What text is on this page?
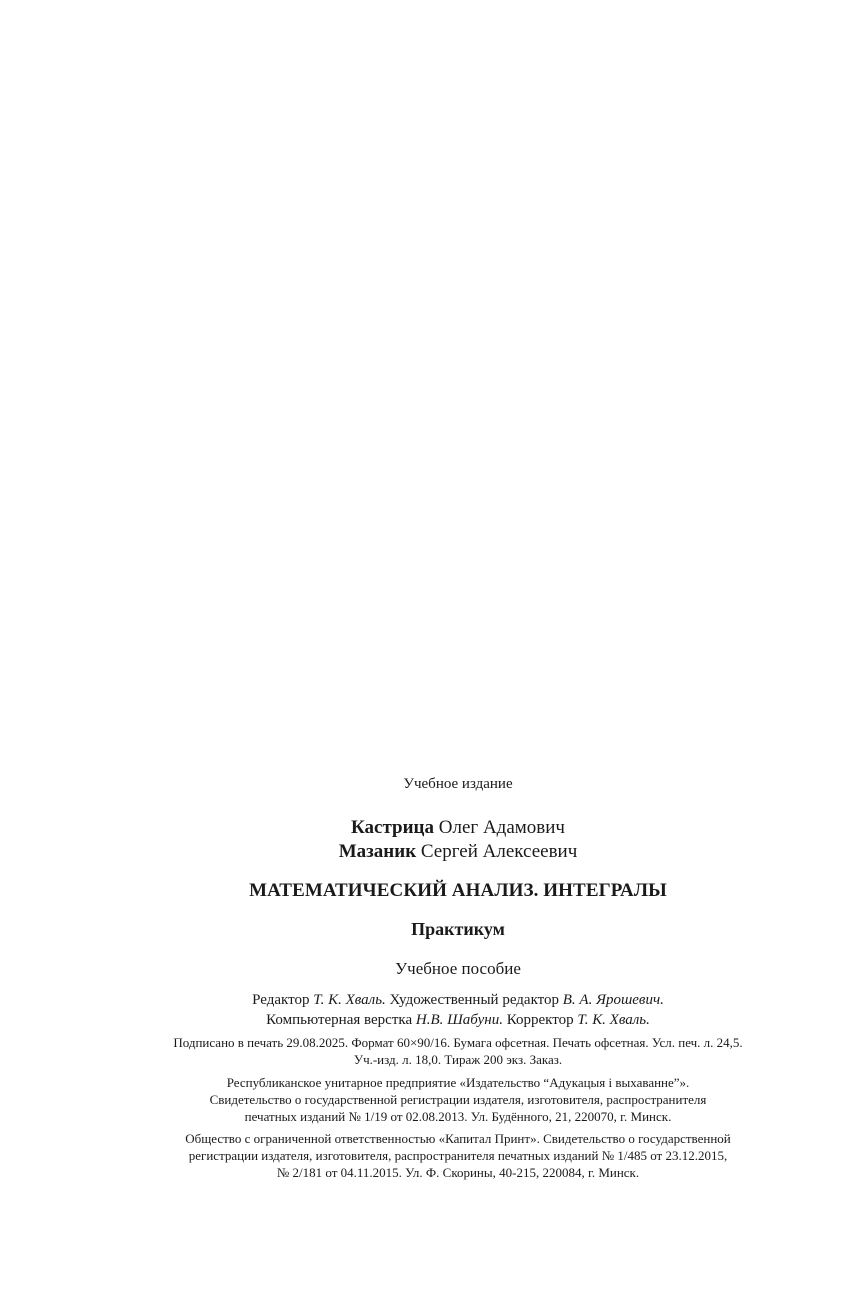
Учебное издание
Кастрица Олег Адамович
Мазаник Сергей Алексеевич
МАТЕМАТИЧЕСКИЙ АНАЛИЗ. ИНТЕГРАЛЫ
Практикум
Учебное пособие
Редактор Т. К. Хваль. Художественный редактор В. А. Ярошевич.
Компьютерная верстка Н.В. Шабуни. Корректор Т. К. Хваль.
Подписано в печать 29.08.2025. Формат 60×90/16. Бумага офсетная. Печать офсетная. Усл. печ. л. 24,5.
Уч.-изд. л. 18,0. Тираж 200 экз. Заказ.
Республиканское унитарное предприятие «Издательство “Адукацыя і выхаванне”».
Свидетельство о государственной регистрации издателя, изготовителя, распространителя
печатных изданий № 1/19 от 02.08.2013. Ул. Будённого, 21, 220070, г. Минск.
Общество с ограниченной ответственностью «Капитал Принт». Свидетельство о государственной
регистрации издателя, изготовителя, распространителя печатных изданий № 1/485 от 23.12.2015,
№ 2/181 от 04.11.2015. Ул. Ф. Скорины, 40-215, 220084, г. Минск.
